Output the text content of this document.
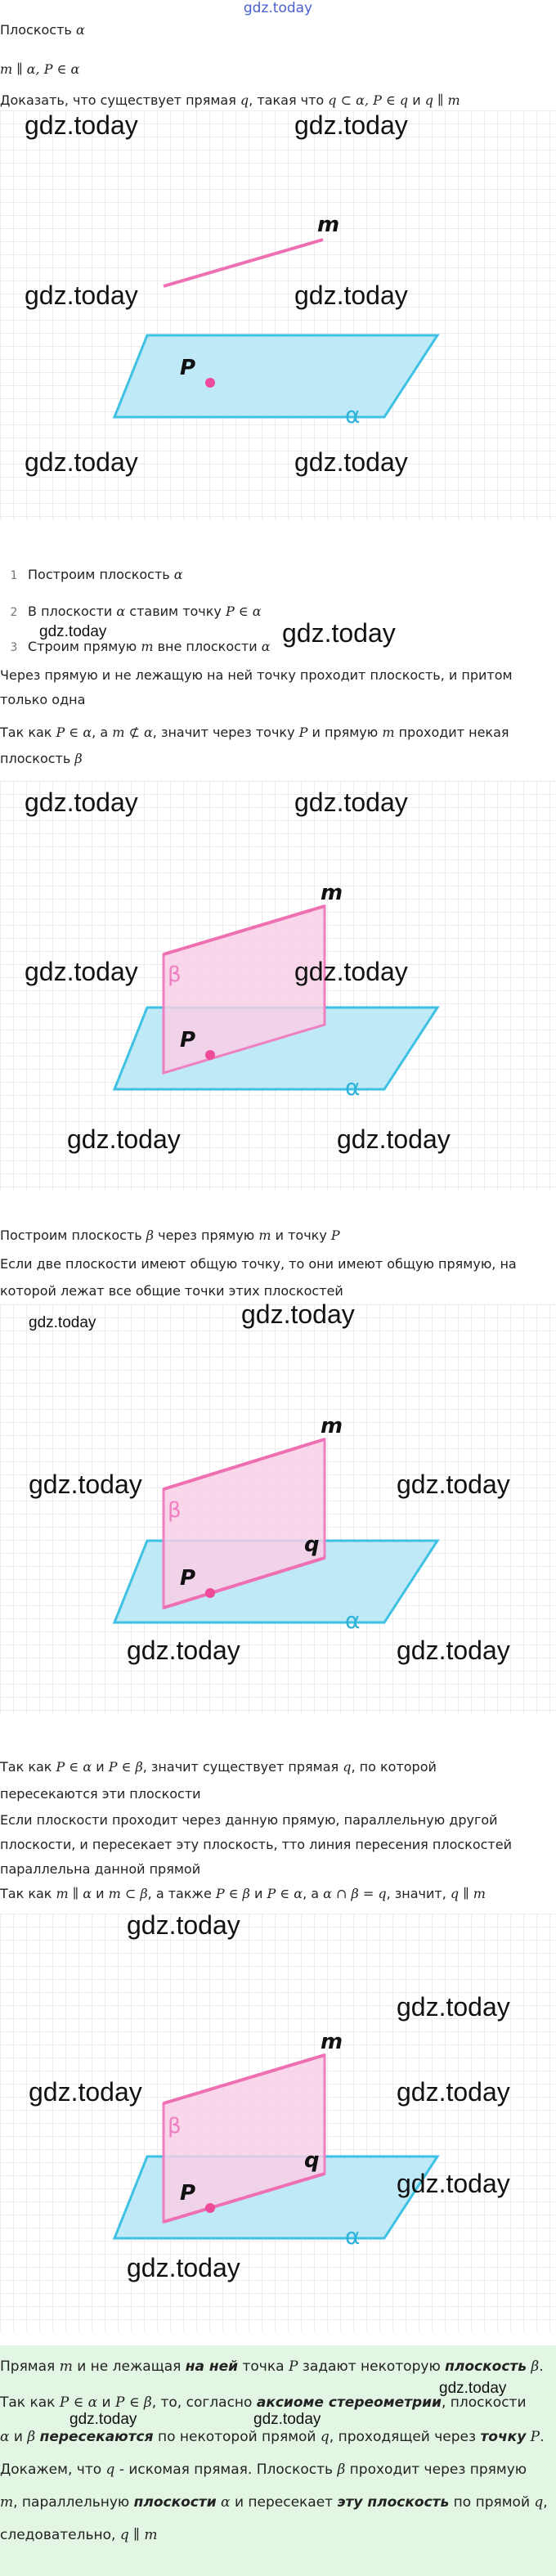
gdz.today
Плоскость α
m ∥ α, P ∈ α
Доказать, что существует прямая q, такая что q ⊂ α, P ∈ q и q ∥ m
P
m
α
gdz.today	gdz.today
gdz.today	gdz.today
gdz.today	gdz.today
1 Построим плоскость α
2 В плоскости α ставим точку P ∈ α
gdz.today	gdz.today
3 Строим прямую m вне плоскости α
Через прямую и не лежащую на ней точку проходит плоскость, и притом
только одна
Так как P ∈ α, а m ⊄ α, значит через точку P и прямую m проходит некая
плоскость β
P
m
β
α
gdz.today	gdz.today
gdz.today	gdz.today
gdz.today	gdz.today
Построим плоскость β через прямую m и точку P
Если две плоскости имеют общую точку, то они имеют общую прямую, на
которой лежат все общие точки этих плоскостей
P
m
q
β
α
gdz.today	gdz.today
gdz.today	gdz.today
gdz.today	gdz.today
Так как P ∈ α и P ∈ β, значит существует прямая q, по которой
пересекаются эти плоскости
Если плоскости проходит через данную прямую, параллельную другой
плоскости, и пересекает эту плоскость, тто линия пересения плоскостей
параллельна данной прямой
Так как m ∥ α и m ⊂ β, а также P ∈ β и P ∈ α, а α ∩ β = q, значит, q ∥ m
P
m
q
β
α
gdz.today
gdz.today
gdz.today	gdz.today
gdz.today
gdz.today
Прямая m и не лежащая на ней точка P задают некоторую плоскость β.
gdz.today
Так как P ∈ α и P ∈ β, то, согласно аксиоме стереометрии, плоскости
gdz.today	gdz.today
α и β пересекаются по некоторой прямой q, проходящей через точку P.
Докажем, что q - искомая прямая. Плоскость β проходит через прямую
m, параллельную плоскости α и пересекает эту плоскость по прямой q,
следовательно, q ∥ m
